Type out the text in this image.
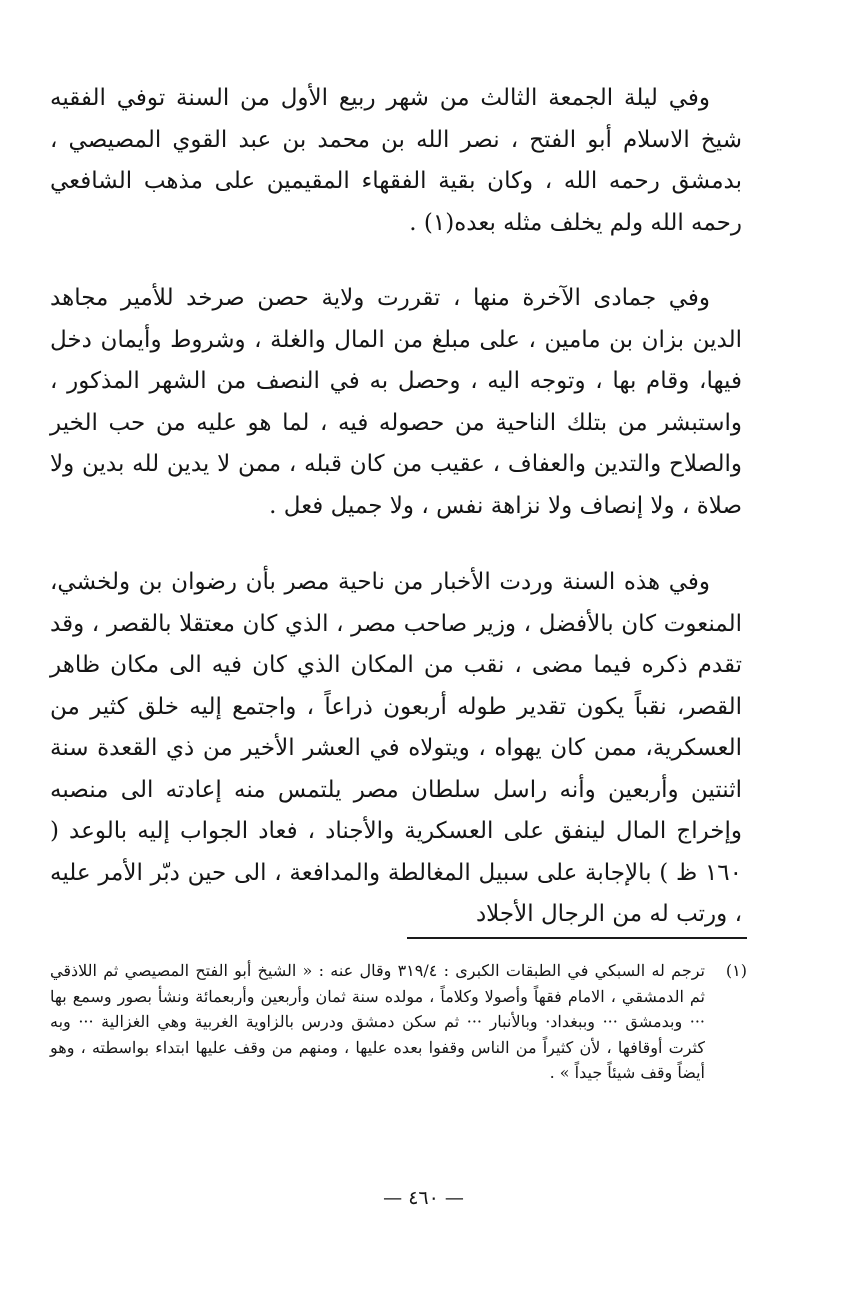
وفي ليلة الجمعة الثالث من شهر ربيع الأول من السنة توفي الفقيه شيخ الاسلام أبو الفتح ، نصر الله بن محمد بن عبد القوي المصيصي ، بدمشق رحمه الله ، وكان بقية الفقهاء المقيمين على مذهب الشافعي رحمه الله ولم يخلف مثله بعده(١) .

وفي جمادى الآخرة منها ، تقررت ولاية حصن صرخد للأمير مجاهد الدين بزان بن مامين ، على مبلغ من المال والغلة ، وشروط وأيمان دخل فيها، وقام بها ، وتوجه اليه ، وحصل به في النصف من الشهر المذكور ، واستبشر من بتلك الناحية من حصوله فيه ، لما هو عليه من حب الخير والصلاح والتدين والعفاف ، عقيب من كان قبله ، ممن لا يدين لله بدين ولا صلاة ، ولا إنصاف ولا نزاهة نفس ، ولا جميل فعل .

وفي هذه السنة وردت الأخبار من ناحية مصر بأن رضوان بن ولخشي، المنعوت كان بالأفضل ، وزير صاحب مصر ، الذي كان معتقلا بالقصر ، وقد تقدم ذكره فيما مضى ، نقب من المكان الذي كان فيه الى مكان ظاهر القصر، نقباً يكون تقدير طوله أربعون ذراعاً ، واجتمع إليه خلق كثير من العسكرية، ممن كان يهواه ، ويتولاه في العشر الأخير من ذي القعدة سنة اثنتين وأربعين وأنه راسل سلطان مصر يلتمس منه إعادته الى منصبه وإخراج المال لينفق على العسكرية والأجناد ، فعاد الجواب إليه بالوعد ( ١٦٠ ظ ) بالإجابة على سبيل المغالطة والمدافعة ، الى حين دبّر الأمر عليه ، ورتب له من الرجال الأجلاد

(١)

ترجم له السبكي في الطبقات الكبرى : ٣١٩/٤ وقال عنه : « الشيخ أبو الفتح المصيصي ثم اللاذقي ثم الدمشقي ، الامام فقهاً وأصولا وكلاماً ، مولده سنة ثمان وأربعين وأربعمائة ونشأ بصور وسمع بها ··· وبدمشق ··· وببغداد· وبالأنبار ··· ثم سكن دمشق ودرس بالزاوية الغربية وهي الغزالية ··· وبه كثرت أوقافها ، لأن كثيراً من الناس وقفوا بعده عليها ، ومنهم من وقف عليها ابتداء بواسطته ، وهو أيضاً وقف شيئاً جيداً » .

— ٤٦٠ —
